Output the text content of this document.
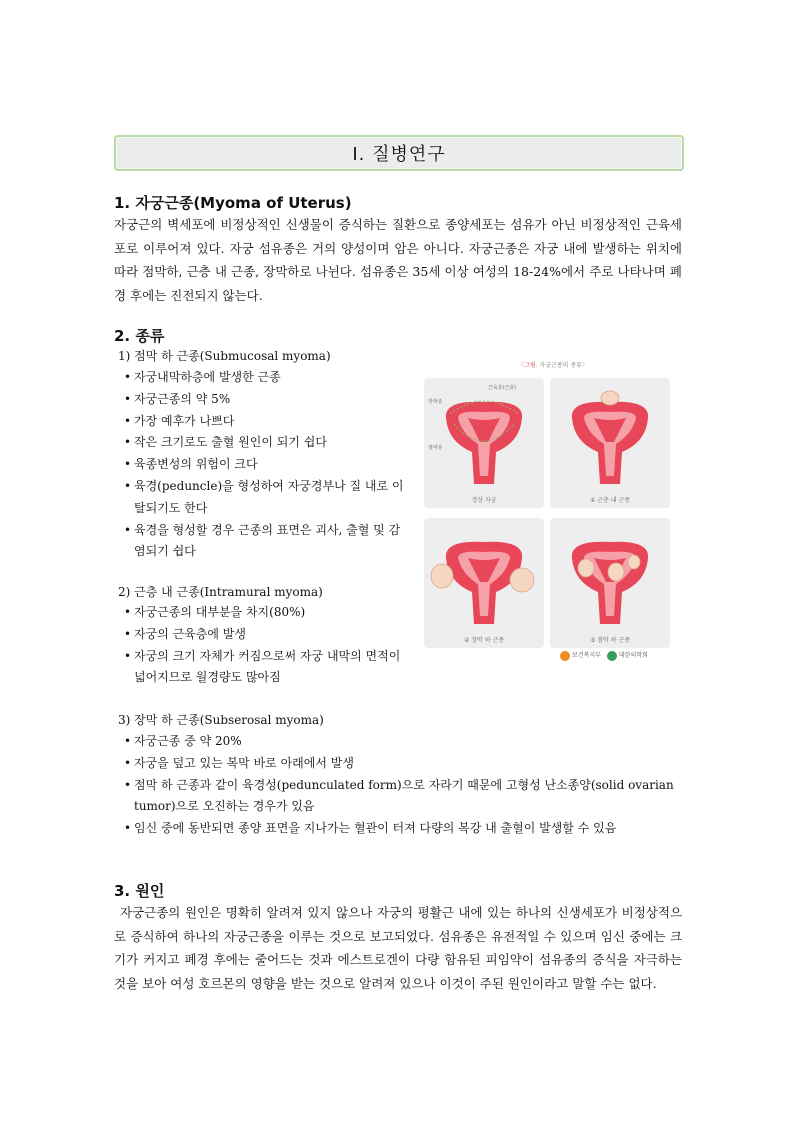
Ⅰ. 질병연구
1. 자궁근종(Myoma of Uterus)

자궁근의 벽세포에 비정상적인 신생물이 증식하는 질환으로 종양세포는 섬유가 아닌 비정상적인 근육세포로 이루어져 있다. 자궁 섬유종은 거의 양성이며 암은 아니다. 자궁근종은 자궁 내에 발생하는 위치에 따라 점막하, 근층 내 근종, 장막하로 나뉜다. 섬유종은 35세 이상 여성의 18-24%에서 주로 나타나며 폐경 후에는 진전되지 않는다.

2. 종류

1) 점막 하 근종(Submucosal myoma)

• 자궁내막하층에 발생한 근종
• 자궁근종의 약 5%
• 가장 예후가 나쁘다
• 작은 크기로도 출혈 원인이 되기 쉽다
• 육종변성의 위험이 크다
• 육경(peduncle)을 형성하여 자궁경부나 질 내로 이탈되기도 한다
• 육경을 형성할 경우 근종의 표면은 괴사, 출혈 및 감염되기 쉽다

2) 근층 내 근종(Intramural myoma)

• 자궁근종의 대부분을 차지(80%)
• 자궁의 근육층에 발생
• 자궁의 크기 자체가 커짐으로써 자궁 내막의 면적이 넓어지므로 월경량도 많아짐

3) 장막 하 근종(Subserosal myoma)

• 자궁근종 중 약 20%
• 자궁을 덮고 있는 복막 바로 아래에서 발생
• 점막 하 근종과 같이 육경성(pedunculated form)으로 자라기 때문에 고형성 난소종양(solid ovarian tumor)으로 오진하는 경우가 있음
• 임신 중에 동반되면 종양 표면을 지나가는 혈관이 터져 다량의 복강 내 출혈이 발생할 수 있음
〈그림. 자궁근종의 종류〉
근육층(근층)
장막층
점막층
정상 자궁	① 근층 내 근종
② 장막 하 근종	③ 점막 하 근종
보건복지부	대한의학회
3. 원인

자궁근종의 원인은 명확히 알려져 있지 않으나 자궁의 평활근 내에 있는 하나의 신생세포가 비정상적으로 증식하여 하나의 자궁근종을 이루는 것으로 보고되었다. 섬유종은 유전적일 수 있으며 임신 중에는 크기가 커지고 폐경 후에는 줄어드는 것과 에스트로겐이 다량 함유된 피임약이 섬유종의 증식을 자극하는 것을 보아 여성 호르몬의 영향을 받는 것으로 알려져 있으나 이것이 주된 원인이라고 말할 수는 없다.
